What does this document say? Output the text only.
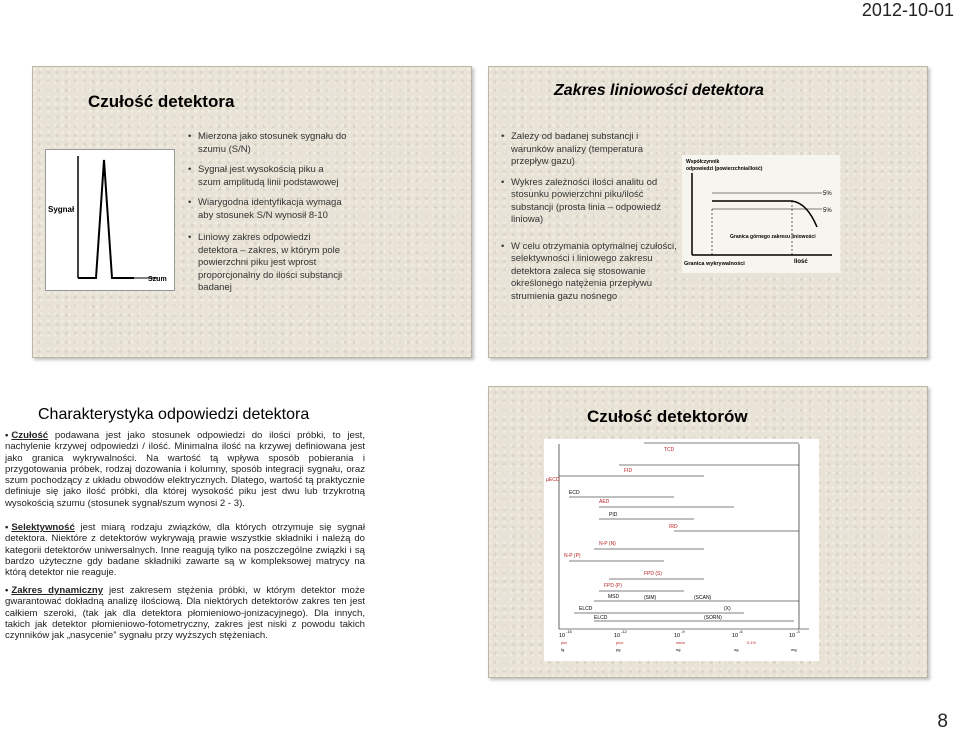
2012-10-01
Czułość detektora
Sygnał
Szum
• Mierzona jako stosunek sygnału do szumu (S/N)
• Sygnał jest wysokością piku a szum amplitudą linii podstawowej
• Wiarygodna identyfikacja wymaga aby stosunek S/N wynosił 8-10
• Liniowy zakres odpowiedzi detektora – zakres, w którym pole powierzchni piku jest wprost proporcjonalny do ilości substancji badanej
Zakres liniowości detektora
• Zależy od badanej substancji i warunków analizy (temperatura przepływ gazu)
• Wykres zależności ilości analitu od stosunku powierzchni piku/ilość substancji (prosta linia – odpowiedź liniowa)
• W celu otrzymania optymalnej czułości, selektywności i liniowego zakresu detektora zaleca się stosowanie określonego natężenia przepływu strumienia gazu nośnego
Współczynnik
odpowiedzi (powierzchnia/ilość)
5%
5%
Granica górnego zakresu liniowości
Granica wykrywalności	Ilość
Charakterystyka odpowiedzi detektora
• Czułość podawana jest jako stosunek odpowiedzi do ilości próbki, to jest, nachylenie krzywej odpowiedzi / ilość. Minimalna ilość na krzywej definiowana jest jako granica wykrywalności. Na wartość tą wpływa sposób pobierania i przygotowania próbek, rodzaj dozowania i kolumny, sposób integracji sygnału, oraz szum pochodzący z układu obwodów elektrycznych. Dlatego, wartość tą praktycznie definiuje się jako ilość próbki, dla której wysokość piku jest dwu lub trzykrotną wysokością szumu (stosunek sygnał/szum wynosi 2 - 3).
• Selektywność jest miarą rodzaju związków, dla których otrzymuje się sygnał detektora. Niektóre z detektorów wykrywają prawie wszystkie składniki i należą do kategorii detektorów uniwersalnych. Inne reagują tylko na poszczególne związki i są bardzo użyteczne gdy badane składniki zawarte są w kompleksowej matrycy na którą detektor nie reaguje.
• Zakres dynamiczny jest zakresem stężenia próbki, w którym detektor może gwarantować dokładną analizę ilościową. Dla niektórych detektorów zakres ten jest całkiem szeroki, (tak jak dla detektora płomieniowo-jonizacyjnego). Dla innych, takich jak detektor płomieniowo-fotometryczny, zakres jest niski z powodu takich czynników jak „nasycenie” sygnału przy wyższych stężeniach.
Czułość detektorów
TCD
FID
µECD
ECD
AED
PID
IRD
N-P (N)
N-P (P)
FPD (S)
FPD (P)
MSD	(SIM)	(SCAN)
ELCD	(X)
ELCD	(SORN)
10
-15
pici
fg
10
-12
pico
pg
10
-9
nano
ng
10
-6
0.1%
ug
10
-3
mg
8
